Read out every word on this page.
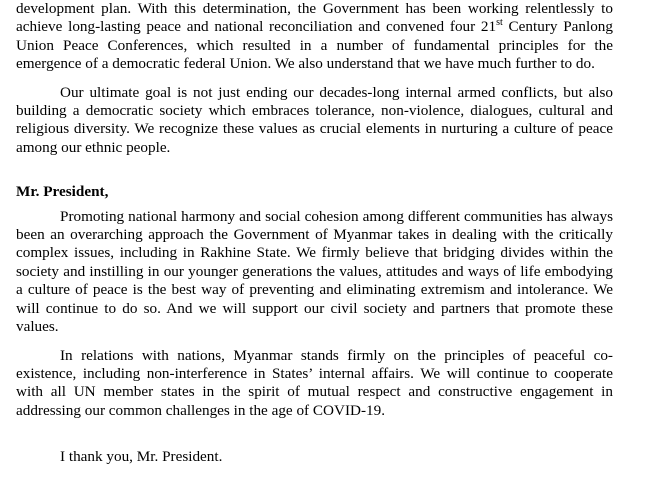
development plan. With this determination, the Government has been working relentlessly to achieve long-lasting peace and national reconciliation and convened four 21st Century Panlong Union Peace Conferences, which resulted in a number of fundamental principles for the emergence of a democratic federal Union. We also understand that we have much further to do.

Our ultimate goal is not just ending our decades-long internal armed conflicts, but also building a democratic society which embraces tolerance, non-violence, dialogues, cultural and religious diversity. We recognize these values as crucial elements in nurturing a culture of peace among our ethnic people.

Mr. President,

Promoting national harmony and social cohesion among different communities has always been an overarching approach the Government of Myanmar takes in dealing with the critically complex issues, including in Rakhine State. We firmly believe that bridging divides within the society and instilling in our younger generations the values, attitudes and ways of life embodying a culture of peace is the best way of preventing and eliminating extremism and intolerance. We will continue to do so. And we will support our civil society and partners that promote these values.

In relations with nations, Myanmar stands firmly on the principles of peaceful co-existence, including non-interference in States’ internal affairs. We will continue to cooperate with all UN member states in the spirit of mutual respect and constructive engagement in addressing our common challenges in the age of COVID-19.

I thank you, Mr. President.
